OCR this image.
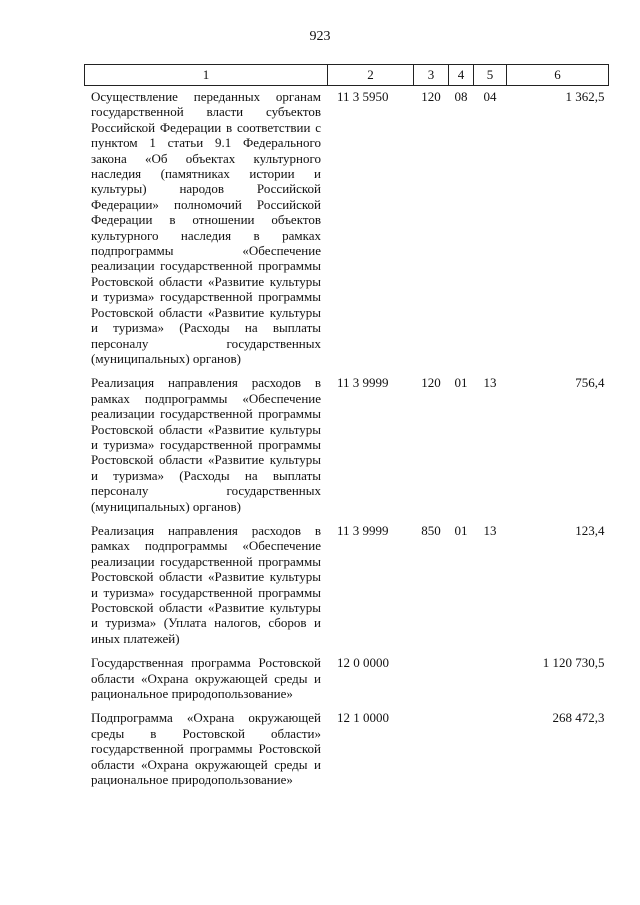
923
1	2	3	4	5	6
Осуществление переданных органам государственной власти субъектов Российской Федерации в соответствии с пунктом 1 статьи 9.1 Федерального закона «Об объектах культурного наследия (памятниках истории и культуры) народов Российской Федерации» полномочий Российской Федерации в отношении объектов культурного наследия в рамках подпрограммы «Обеспечение реализации государственной программы Ростовской области «Развитие культуры и туризма» государственной программы Ростовской области «Развитие культуры и туризма» (Расходы на выплаты персоналу государственных (муниципальных) органов)	11 3 5950	120	08	04	1 362,5
Реализация направления расходов в рамках подпрограммы «Обеспечение реализации государственной программы Ростовской области «Развитие культуры и туризма» государственной программы Ростовской области «Развитие культуры и туризма» (Расходы на выплаты персоналу государственных (муниципальных) органов)	11 3 9999	120	01	13	756,4
Реализация направления расходов в рамках подпрограммы «Обеспечение реализации государственной программы Ростовской области «Развитие культуры и туризма» государственной программы Ростовской области «Развитие культуры и туризма» (Уплата налогов, сборов и иных платежей)	11 3 9999	850	01	13	123,4
Государственная программа Ростовской области «Охрана окружающей среды и рациональное природопользование»	12 0 0000				1 120 730,5
Подпрограмма «Охрана окружающей среды в Ростовской области» государственной программы Ростовской области «Охрана окружающей среды и рациональное природопользование»	12 1 0000				268 472,3
